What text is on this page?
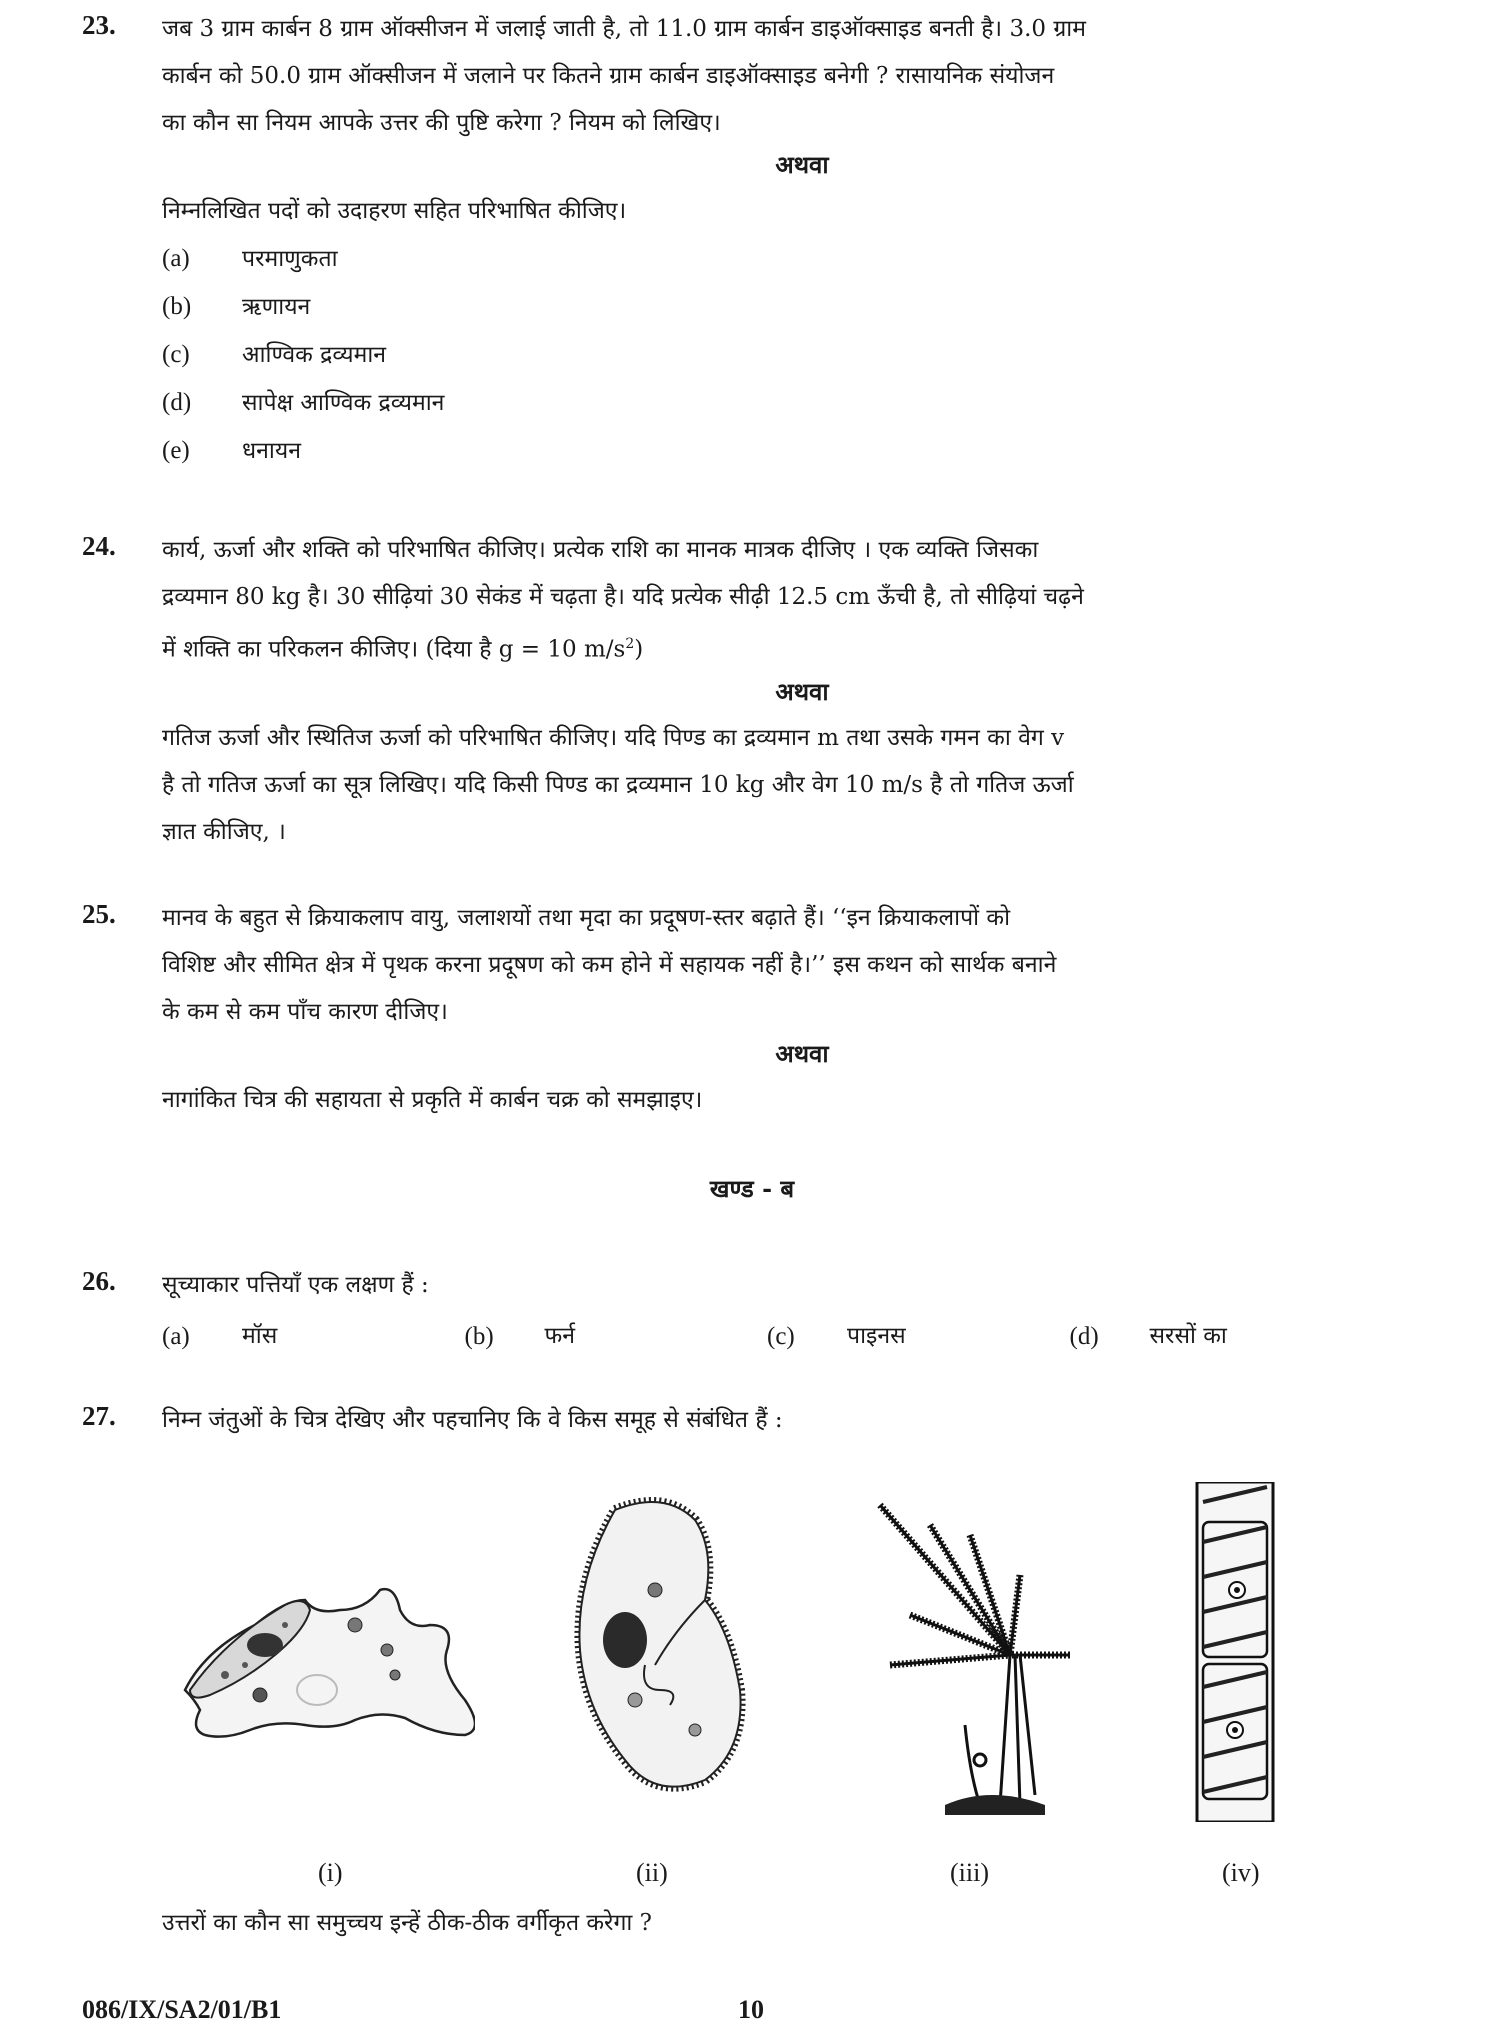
23. जब 3 ग्राम कार्बन 8 ग्राम ऑक्सीजन में जलाई जाती है, तो 11.0 ग्राम कार्बन डाइऑक्साइड बनती है। 3.0 ग्राम
कार्बन को 50.0 ग्राम ऑक्सीजन में जलाने पर कितने ग्राम कार्बन डाइऑक्साइड बनेगी ? रासायनिक संयोजन
का कौन सा नियम आपके उत्तर की पुष्टि करेगा ? नियम को लिखिए।
अथवा
निम्नलिखित पदों को उदाहरण सहित परिभाषित कीजिए।
(a)	परमाणुकता
(b)	ऋणायन
(c)	आण्विक द्रव्यमान
(d)	सापेक्ष आण्विक द्रव्यमान
(e)	धनायन
24. कार्य, ऊर्जा और शक्ति को परिभाषित कीजिए। प्रत्येक राशि का मानक मात्रक दीजिए । एक व्यक्ति जिसका
द्रव्यमान 80 kg है। 30 सीढ़ियां 30 सेकंड में चढ़ता है। यदि प्रत्येक सीढ़ी 12.5 cm ऊँची है, तो सीढ़ियां चढ़ने
में शक्ति का परिकलन कीजिए। (दिया है g = 10 $m/s^2$)
अथवा
गतिज ऊर्जा और स्थितिज ऊर्जा को परिभाषित कीजिए। यदि पिण्ड का द्रव्यमान m तथा उसके गमन का वेग v
है तो गतिज ऊर्जा का सूत्र लिखिए। यदि किसी पिण्ड का द्रव्यमान 10 kg और वेग 10 m/s है तो गतिज ऊर्जा
ज्ञात कीजिए, ।
25. मानव के बहुत से क्रियाकलाप वायु, जलाशयों तथा मृदा का प्रदूषण-स्तर बढ़ाते हैं। ‘‘इन क्रियाकलापों को
विशिष्ट और सीमित क्षेत्र में पृथक करना प्रदूषण को कम होने में सहायक नहीं है।’’ इस कथन को सार्थक बनाने
के कम से कम पाँच कारण दीजिए।
अथवा
नागांकित चित्र की सहायता से प्रकृति में कार्बन चक्र को समझाइए।
खण्ड - ब
26. सूच्याकार पत्तियाँ एक लक्षण हैं :
(a)	मॉस	(b)	फर्न	(c)	पाइनस	(d)	सरसों का
27. निम्न जंतुओं के चित्र देखिए और पहचानिए कि वे किस समूह से संबंधित हैं :
(i)	(ii)	(iii)	(iv)
उत्तरों का कौन सा समुच्चय इन्हें ठीक-ठीक वर्गीकृत करेगा ?
086/IX/SA2/01/B1	10
